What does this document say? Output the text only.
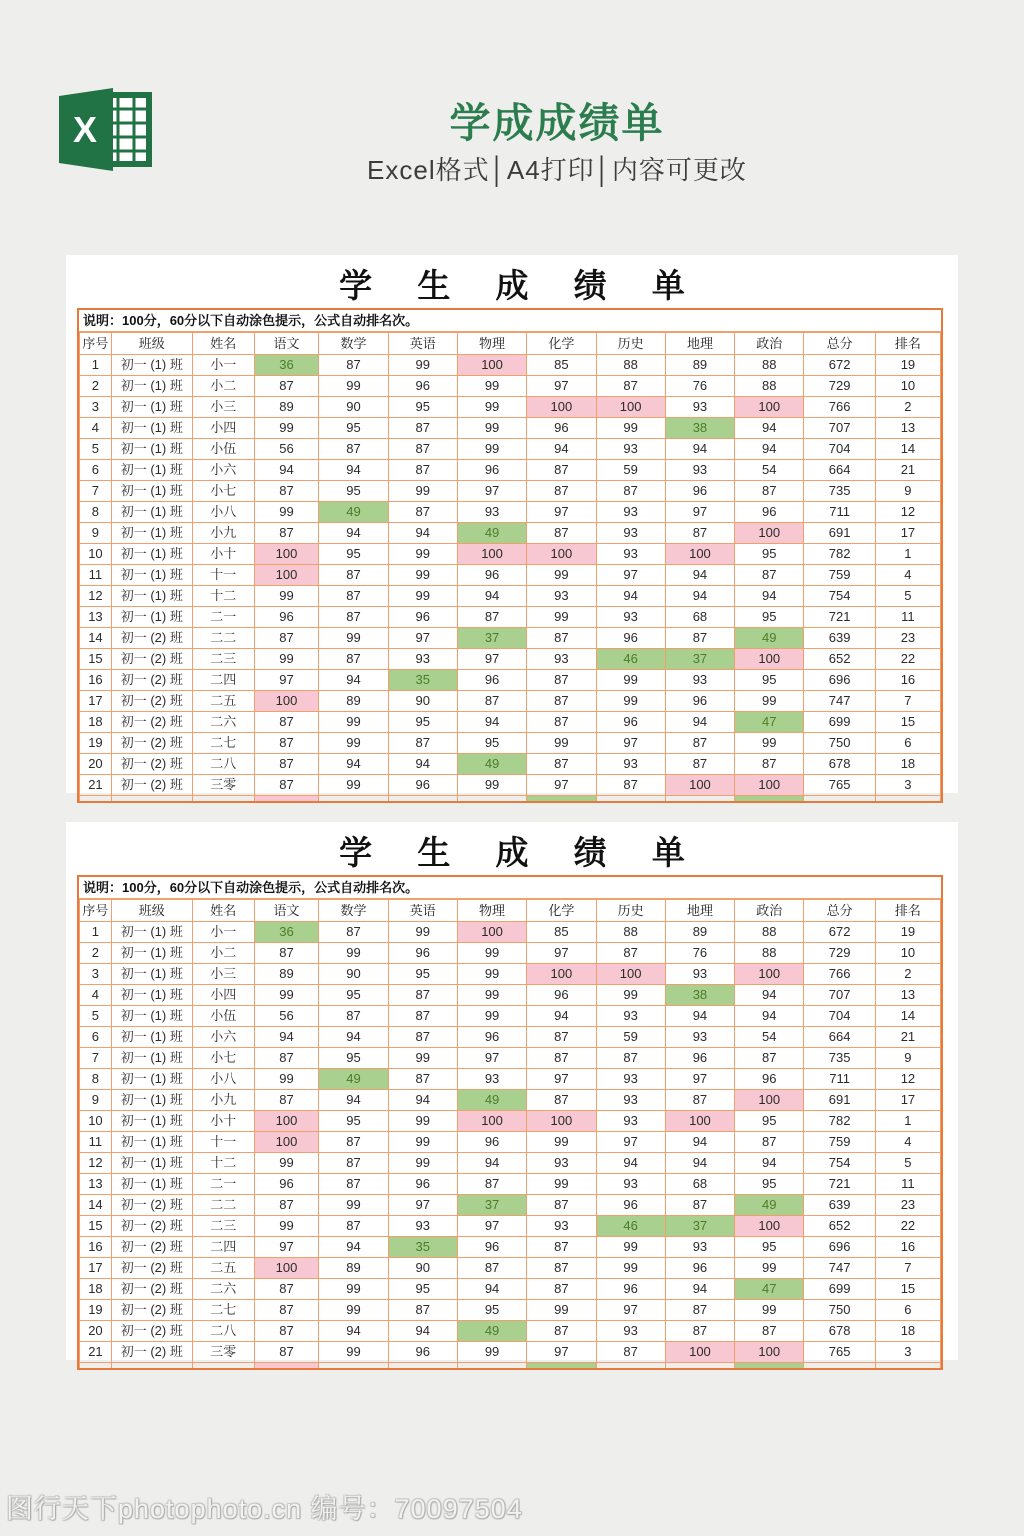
X	学成成绩单
Excel格式│A4打印│内容可更改
学 生 成 绩 单
说明：100分，60分以下自动涂色提示，公式自动排名次。
序号	班级	姓名	语文	数学	英语	物理	化学	历史	地理	政治	总分	排名
1	初一 (1) 班	小一	36	87	99	100	85	88	89	88	672	19
2	初一 (1) 班	小二	87	99	96	99	97	87	76	88	729	10
3	初一 (1) 班	小三	89	90	95	99	100	100	93	100	766	2
4	初一 (1) 班	小四	99	95	87	99	96	99	38	94	707	13
5	初一 (1) 班	小伍	56	87	87	99	94	93	94	94	704	14
6	初一 (1) 班	小六	94	94	87	96	87	59	93	54	664	21
7	初一 (1) 班	小七	87	95	99	97	87	87	96	87	735	9
8	初一 (1) 班	小八	99	49	87	93	97	93	97	96	711	12
9	初一 (1) 班	小九	87	94	94	49	87	93	87	100	691	17
10	初一 (1) 班	小十	100	95	99	100	100	93	100	95	782	1
11	初一 (1) 班	十一	100	87	99	96	99	97	94	87	759	4
12	初一 (1) 班	十二	99	87	99	94	93	94	94	94	754	5
13	初一 (1) 班	二一	96	87	96	87	99	93	68	95	721	11
14	初一 (2) 班	二二	87	99	97	37	87	96	87	49	639	23
15	初一 (2) 班	二三	99	87	93	97	93	46	37	100	652	22
16	初一 (2) 班	二四	97	94	35	96	87	99	93	95	696	16
17	初一 (2) 班	二五	100	89	90	87	87	99	96	99	747	7
18	初一 (2) 班	二六	87	99	95	94	87	96	94	47	699	15
19	初一 (2) 班	二七	87	99	87	95	99	97	87	99	750	6
20	初一 (2) 班	二八	87	94	94	49	87	93	87	87	678	18
21	初一 (2) 班	三零	87	99	96	99	97	87	100	100	765	3

学 生 成 绩 单
说明：100分，60分以下自动涂色提示，公式自动排名次。
序号	班级	姓名	语文	数学	英语	物理	化学	历史	地理	政治	总分	排名
1	初一 (1) 班	小一	36	87	99	100	85	88	89	88	672	19
2	初一 (1) 班	小二	87	99	96	99	97	87	76	88	729	10
3	初一 (1) 班	小三	89	90	95	99	100	100	93	100	766	2
4	初一 (1) 班	小四	99	95	87	99	96	99	38	94	707	13
5	初一 (1) 班	小伍	56	87	87	99	94	93	94	94	704	14
6	初一 (1) 班	小六	94	94	87	96	87	59	93	54	664	21
7	初一 (1) 班	小七	87	95	99	97	87	87	96	87	735	9
8	初一 (1) 班	小八	99	49	87	93	97	93	97	96	711	12
9	初一 (1) 班	小九	87	94	94	49	87	93	87	100	691	17
10	初一 (1) 班	小十	100	95	99	100	100	93	100	95	782	1
11	初一 (1) 班	十一	100	87	99	96	99	97	94	87	759	4
12	初一 (1) 班	十二	99	87	99	94	93	94	94	94	754	5
13	初一 (1) 班	二一	96	87	96	87	99	93	68	95	721	11
14	初一 (2) 班	二二	87	99	97	37	87	96	87	49	639	23
15	初一 (2) 班	二三	99	87	93	97	93	46	37	100	652	22
16	初一 (2) 班	二四	97	94	35	96	87	99	93	95	696	16
17	初一 (2) 班	二五	100	89	90	87	87	99	96	99	747	7
18	初一 (2) 班	二六	87	99	95	94	87	96	94	47	699	15
19	初一 (2) 班	二七	87	99	87	95	99	97	87	99	750	6
20	初一 (2) 班	二八	87	94	94	49	87	93	87	87	678	18
21	初一 (2) 班	三零	87	99	96	99	97	87	100	100	765	3

图行天下photophoto.cn 编号：70097504
